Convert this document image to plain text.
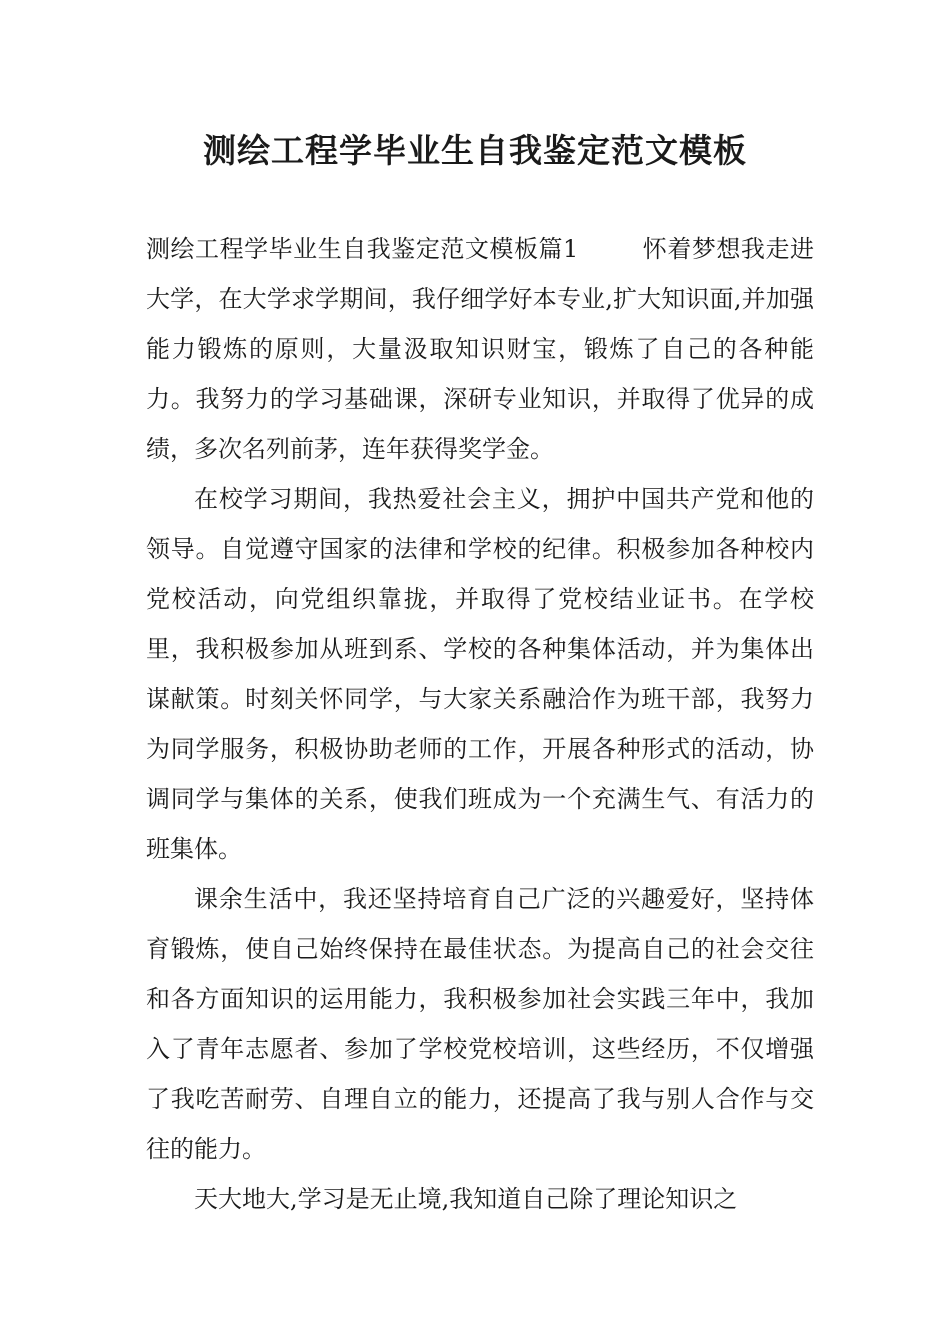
测绘工程学毕业生自我鉴定范文模板

测绘工程学毕业生自我鉴定范文模板篇1	怀着梦想我走进大学，在大学求学期间，我仔细学好本专业,扩大知识面,并加强能力锻炼的原则，大量汲取知识财宝，锻炼了自己的各种能力。我努力的学习基础课，深研专业知识，并取得了优异的成绩，多次名列前茅，连年获得奖学金。

在校学习期间，我热爱社会主义，拥护中国共产党和他的领导。自觉遵守国家的法律和学校的纪律。积极参加各种校内党校活动，向党组织靠拢，并取得了党校结业证书。在学校里，我积极参加从班到系、学校的各种集体活动，并为集体出谋献策。时刻关怀同学，与大家关系融洽作为班干部，我努力为同学服务，积极协助老师的工作，开展各种形式的活动，协调同学与集体的关系，使我们班成为一个充满生气、有活力的班集体。

课余生活中，我还坚持培育自己广泛的兴趣爱好，坚持体育锻炼，使自己始终保持在最佳状态。为提高自己的社会交往和各方面知识的运用能力，我积极参加社会实践三年中，我加入了青年志愿者、参加了学校党校培训，这些经历，不仅增强了我吃苦耐劳、自理自立的能力，还提高了我与别人合作与交往的能力。

天大地大,学习是无止境,我知道自己除了理论知识之
